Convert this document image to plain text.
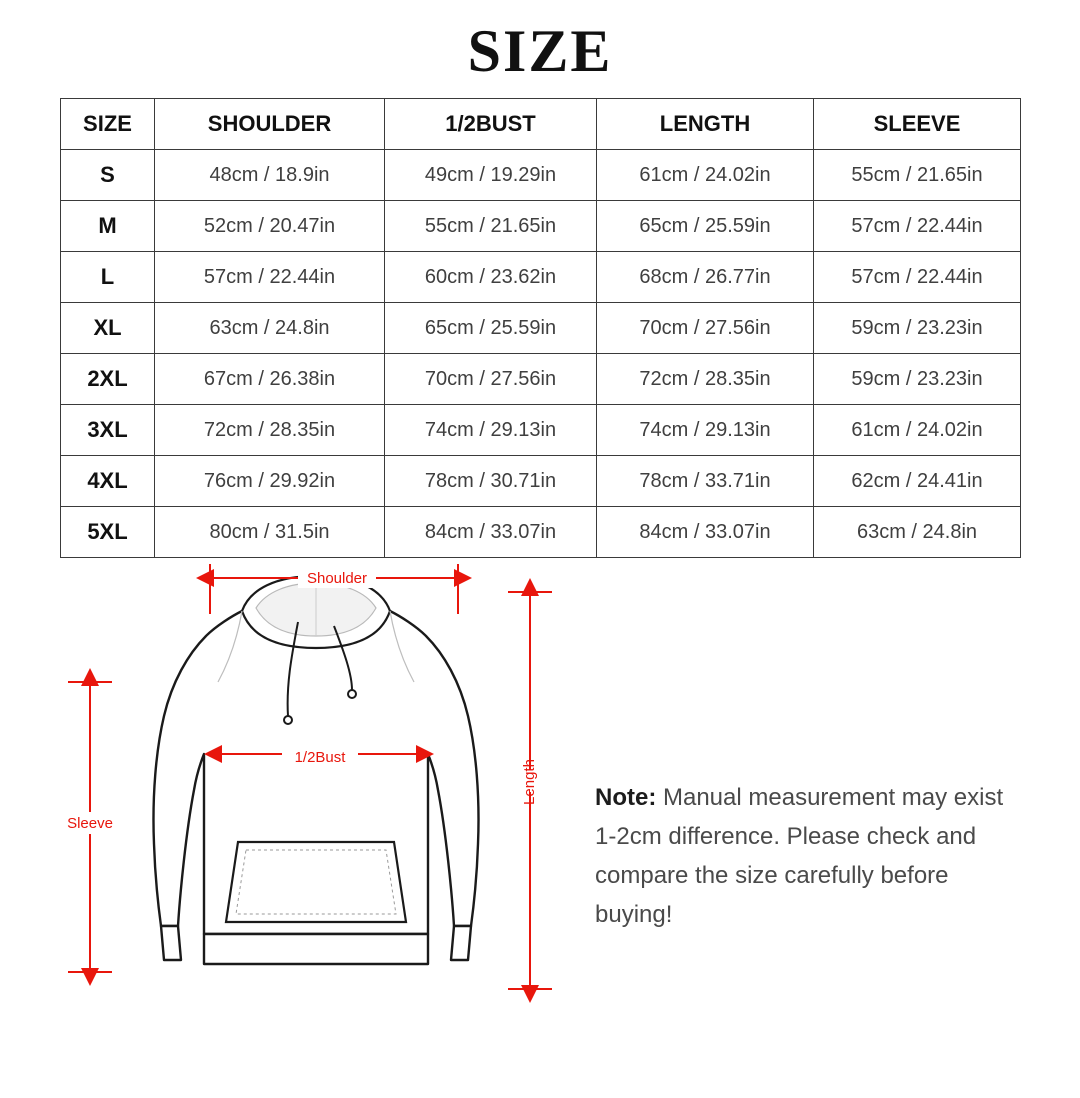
SIZE
SIZE	SHOULDER	1/2BUST	LENGTH	SLEEVE
S	48cm / 18.9in	49cm / 19.29in	61cm / 24.02in	55cm / 21.65in
M	52cm / 20.47in	55cm / 21.65in	65cm / 25.59in	57cm / 22.44in
L	57cm / 22.44in	60cm / 23.62in	68cm / 26.77in	57cm / 22.44in
XL	63cm / 24.8in	65cm / 25.59in	70cm / 27.56in	59cm / 23.23in
2XL	67cm / 26.38in	70cm / 27.56in	72cm / 28.35in	59cm / 23.23in
3XL	72cm / 28.35in	74cm / 29.13in	74cm / 29.13in	61cm / 24.02in
4XL	76cm / 29.92in	78cm / 30.71in	78cm / 33.71in	62cm / 24.41in
5XL	80cm / 31.5in	84cm / 33.07in	84cm / 33.07in	63cm / 24.8in
Shoulder
1/2Bust
Sleeve
Length Note: Manual measurement may exist 1-2cm difference. Please check and compare the size carefully before buying!
